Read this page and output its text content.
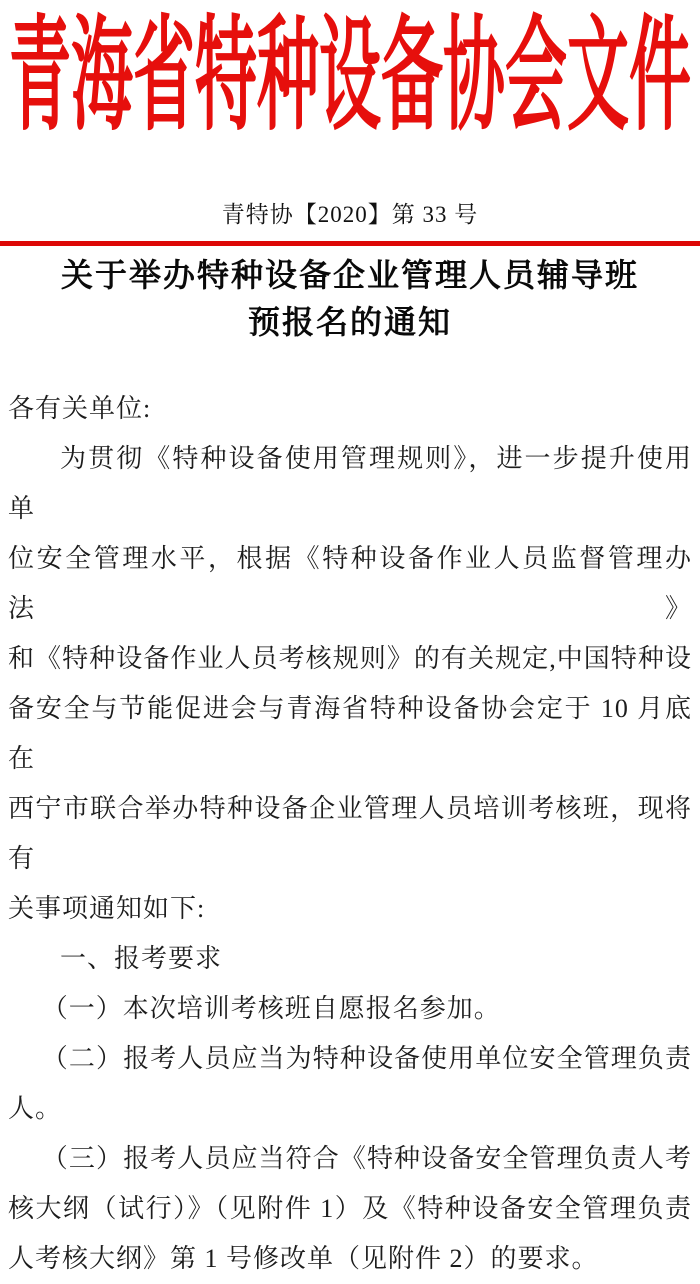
青海省特种设备协会文件
青特协【2020】第 33 号
关于举办特种设备企业管理人员辅导班
预报名的通知
各有关单位:
为贯彻《特种设备使用管理规则》，进一步提升使用单
位安全管理水平，根据《特种设备作业人员监督管理办法》
和《特种设备作业人员考核规则》的有关规定,中国特种设
备安全与节能促进会与青海省特种设备协会定于 10 月底在
西宁市联合举办特种设备企业管理人员培训考核班，现将有
关事项通知如下:
一、报考要求
（一）本次培训考核班自愿报名参加。
（二）报考人员应当为特种设备使用单位安全管理负责
人。
（三）报考人员应当符合《特种设备安全管理负责人考
核大纲（试行）》（见附件 1）及《特种设备安全管理负责
人考核大纲》第 1 号修改单（见附件 2）的要求。
